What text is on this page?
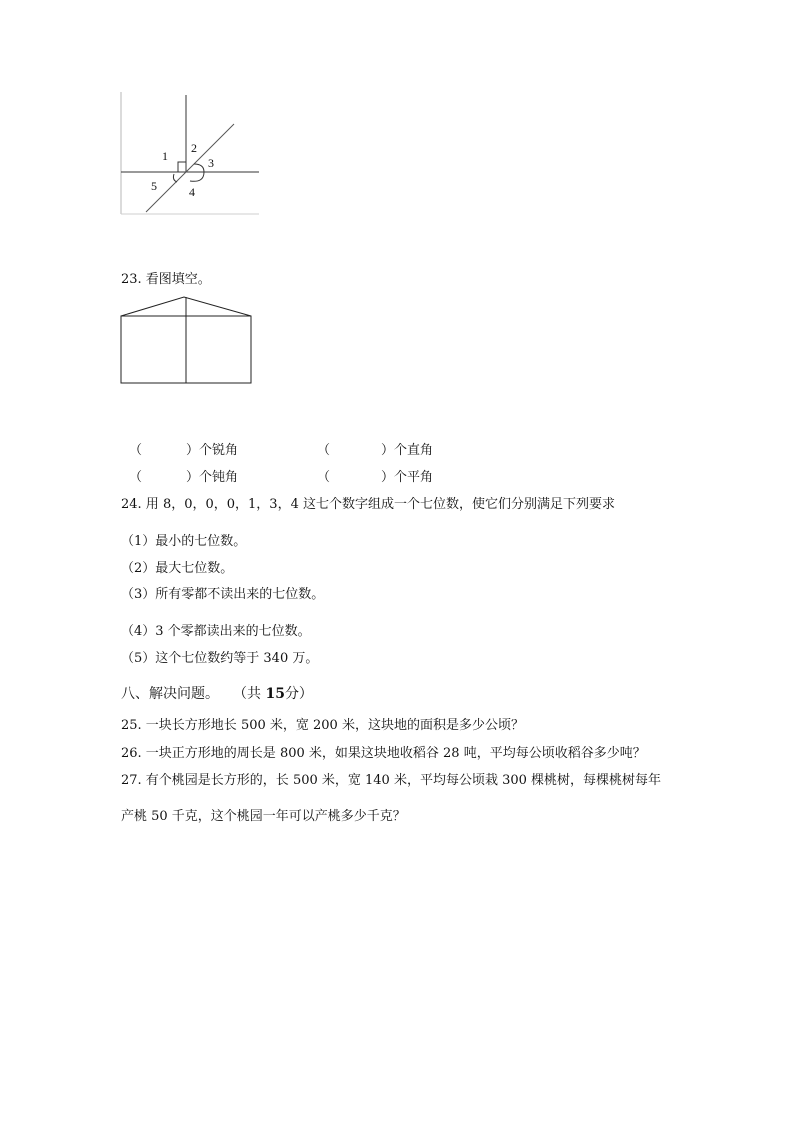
1
2
3
4
5
23. 看图填空。
（	）个锐角	（	）个直角
（	）个钝角	（	）个平角
24. 用 8，0，0，0，1，3，4 这七个数字组成一个七位数，使它们分别满足下列要求
（1）最小的七位数。
（2）最大七位数。
（3）所有零都不读出来的七位数。
（4）3 个零都读出来的七位数。
（5）这个七位数约等于 340 万。
八、解决问题。 （共 15分）
25. 一块长方形地长 500 米，宽 200 米，这块地的面积是多少公顷？
26. 一块正方形地的周长是 800 米，如果这块地收稻谷 28 吨，平均每公顷收稻谷多少吨？
27. 有个桃园是长方形的，长 500 米，宽 140 米，平均每公顷栽 300 棵桃树，每棵桃树每年
产桃 50 千克，这个桃园一年可以产桃多少千克？
